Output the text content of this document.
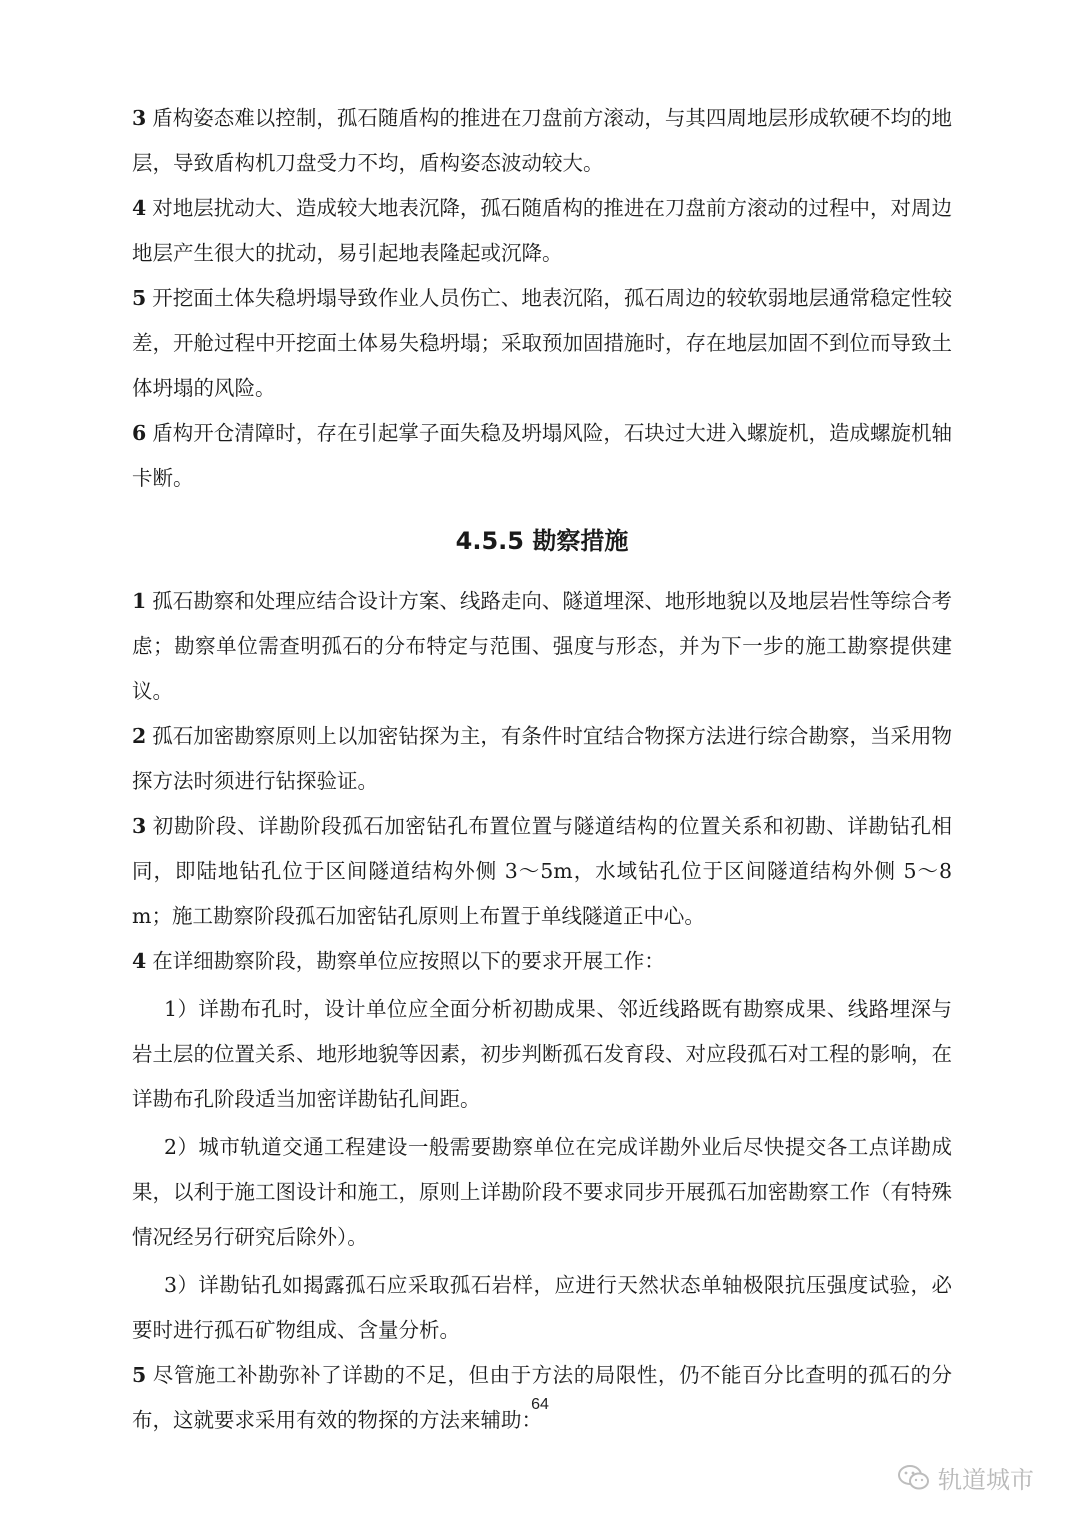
3 盾构姿态难以控制，孤石随盾构的推进在刀盘前方滚动，与其四周地层形成软硬不均的地层，导致盾构机刀盘受力不均，盾构姿态波动较大。

4 对地层扰动大、造成较大地表沉降，孤石随盾构的推进在刀盘前方滚动的过程中，对周边地层产生很大的扰动，易引起地表隆起或沉降。

5 开挖面土体失稳坍塌导致作业人员伤亡、地表沉陷，孤石周边的较软弱地层通常稳定性较差，开舱过程中开挖面土体易失稳坍塌；采取预加固措施时，存在地层加固不到位而导致土体坍塌的风险。

6 盾构开仓清障时，存在引起掌子面失稳及坍塌风险，石块过大进入螺旋机，造成螺旋机轴卡断。

4.5.5 勘察措施

1 孤石勘察和处理应结合设计方案、线路走向、隧道埋深、地形地貌以及地层岩性等综合考虑；勘察单位需查明孤石的分布特定与范围、强度与形态，并为下一步的施工勘察提供建议。

2 孤石加密勘察原则上以加密钻探为主，有条件时宜结合物探方法进行综合勘察，当采用物探方法时须进行钻探验证。

3 初勘阶段、详勘阶段孤石加密钻孔布置位置与隧道结构的位置关系和初勘、详勘钻孔相同，即陆地钻孔位于区间隧道结构外侧 3～5m，水域钻孔位于区间隧道结构外侧 5～8m；施工勘察阶段孤石加密钻孔原则上布置于单线隧道正中心。

4 在详细勘察阶段，勘察单位应按照以下的要求开展工作：

1）详勘布孔时，设计单位应全面分析初勘成果、邻近线路既有勘察成果、线路埋深与岩土层的位置关系、地形地貌等因素，初步判断孤石发育段、对应段孤石对工程的影响，在详勘布孔阶段适当加密详勘钻孔间距。

2）城市轨道交通工程建设一般需要勘察单位在完成详勘外业后尽快提交各工点详勘成果，以利于施工图设计和施工，原则上详勘阶段不要求同步开展孤石加密勘察工作（有特殊情况经另行研究后除外）。

3）详勘钻孔如揭露孤石应采取孤石岩样，应进行天然状态单轴极限抗压强度试验，必要时进行孤石矿物组成、含量分析。

5 尽管施工补勘弥补了详勘的不足，但由于方法的局限性，仍不能百分比查明的孤石的分布，这就要求采用有效的物探的方法来辅助：

64
轨道城市
